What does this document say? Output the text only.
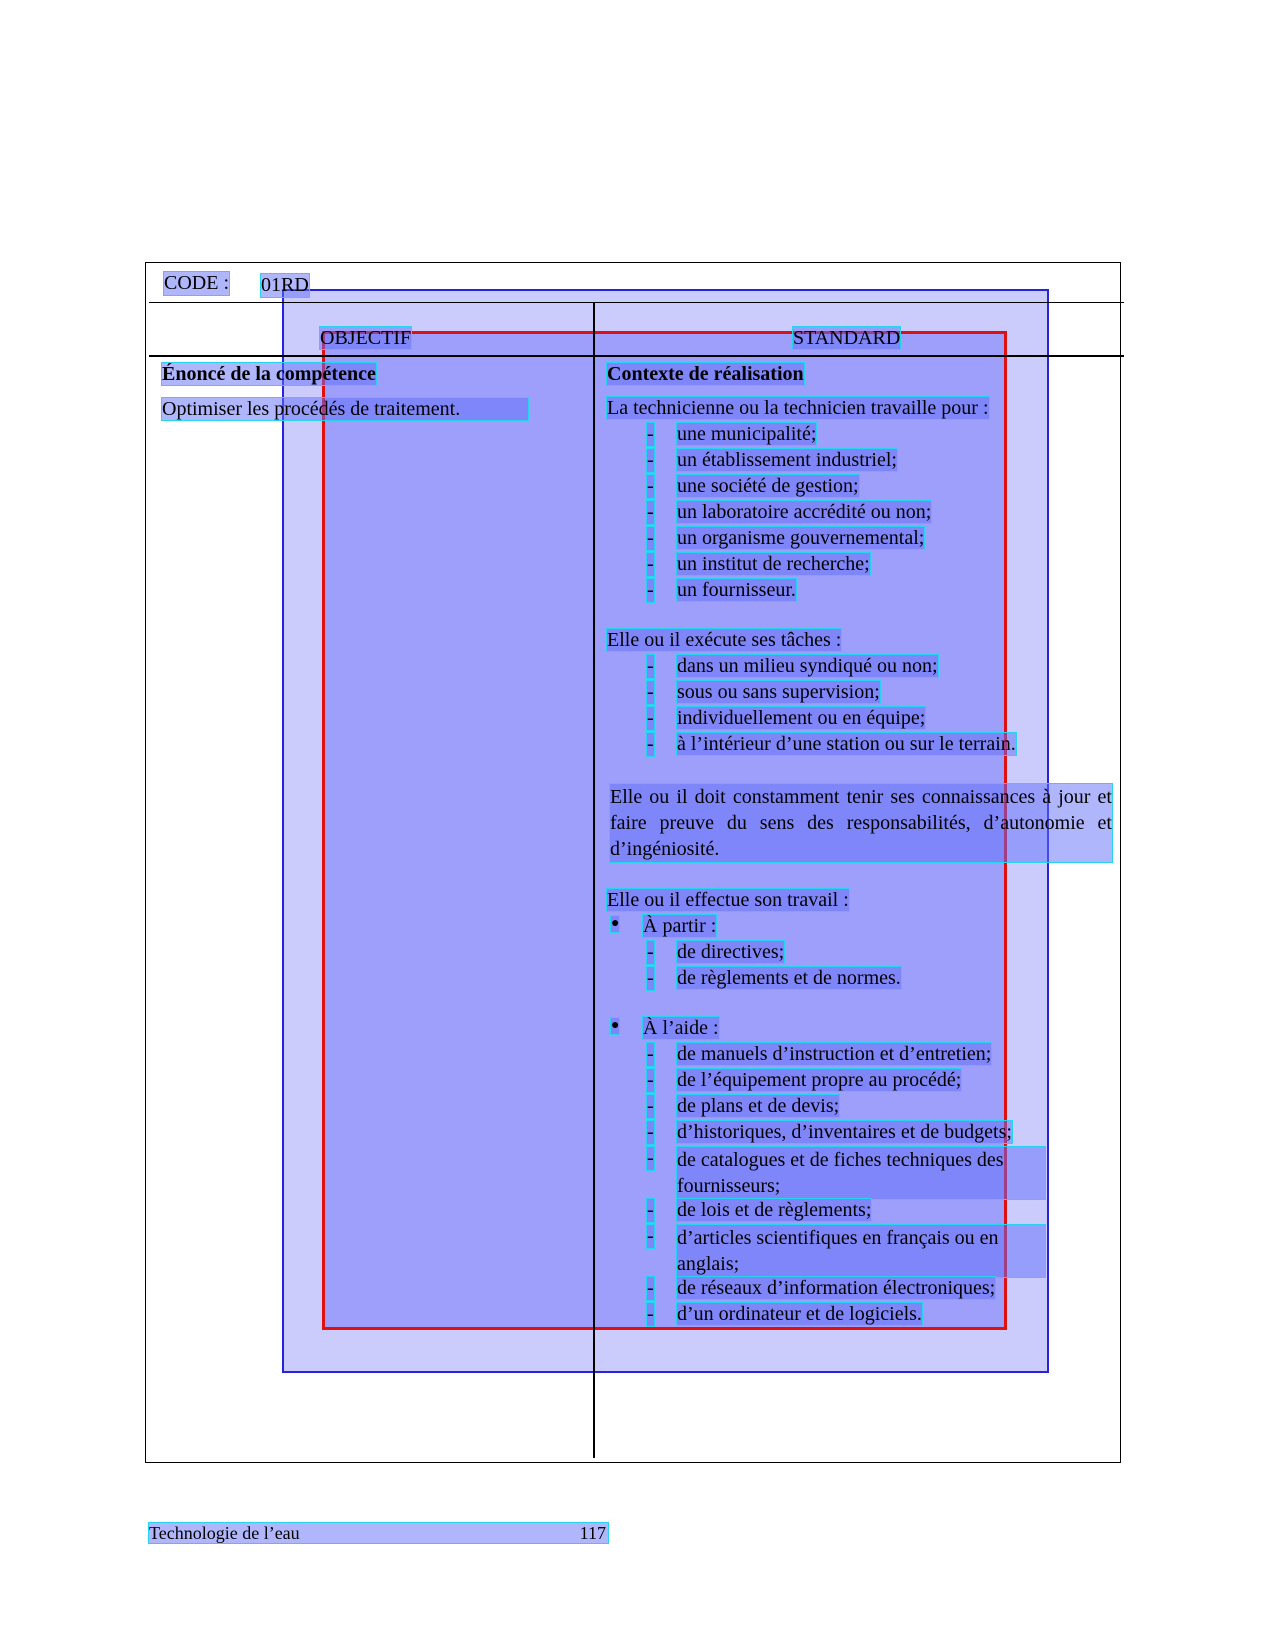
CODE : 01RD
OBJECTIF	STANDARD
Énoncé de la compétence
Optimiser les procédés de traitement.
Contexte de réalisation
La technicienne ou la technicien travaille pour :
- une municipalité;
- un établissement industriel;
- une société de gestion;
- un laboratoire accrédité ou non;
- un organisme gouvernemental;
- un institut de recherche;
- un fournisseur.
Elle ou il exécute ses tâches :
- dans un milieu syndiqué ou non;
- sous ou sans supervision;
- individuellement ou en équipe;
- à l’intérieur d’une station ou sur le terrain.
Elle ou il doit constamment tenir ses connaissances à jour et faire preuve du sens des responsabilités, d’autonomie et d’ingéniosité.
Elle ou il effectue son travail :
● À partir :
- de directives;
- de règlements et de normes.
● À l’aide :
- de manuels d’instruction et d’entretien;
- de l’équipement propre au procédé;
- de plans et de devis;
- d’historiques, d’inventaires et de budgets;
- de catalogues et de fiches techniques des fournisseurs;
- de lois et de règlements;
- d’articles scientifiques en français ou en anglais;
- de réseaux d’information électroniques;
- d’un ordinateur et de logiciels.
Technologie de l’eau	117
